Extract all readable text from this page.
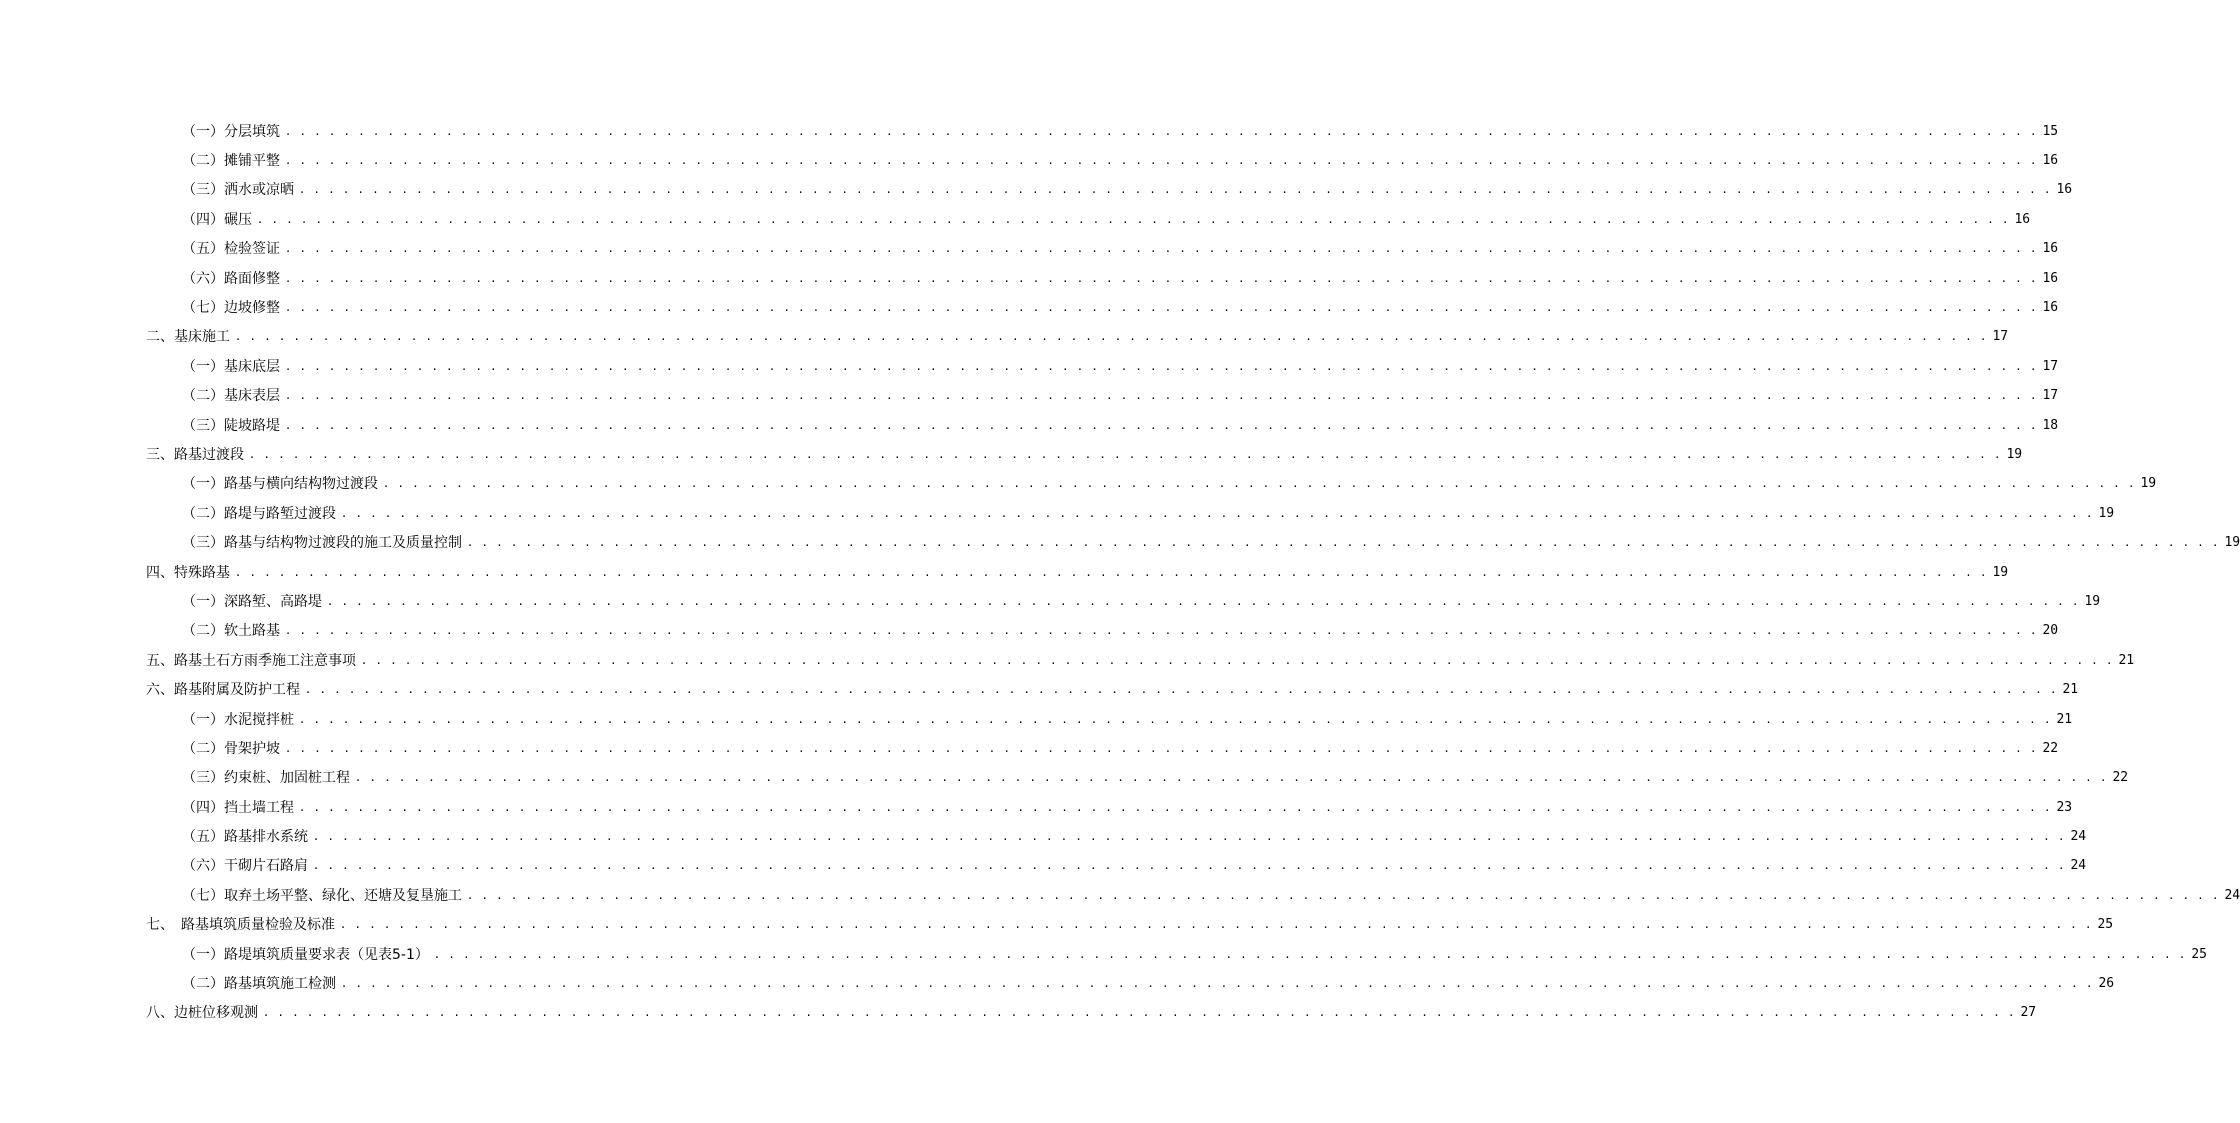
（一）分层填筑 . . . . . . . . . . . . . . . . . . . . . . . . . . . . . . . . . . . . . . . . . . . . . . . . . . . . . . . . . . . . . . . . . . . . . . . . . . . . . . . . . . . . . . . . . . . . . . . . . . . . . . . . . . . . . . . . . . . . . . . . 15
（二）摊铺平整 . . . . . . . . . . . . . . . . . . . . . . . . . . . . . . . . . . . . . . . . . . . . . . . . . . . . . . . . . . . . . . . . . . . . . . . . . . . . . . . . . . . . . . . . . . . . . . . . . . . . . . . . . . . . . . . . . . . . . . . . 16
（三）洒水或凉晒 . . . . . . . . . . . . . . . . . . . . . . . . . . . . . . . . . . . . . . . . . . . . . . . . . . . . . . . . . . . . . . . . . . . . . . . . . . . . . . . . . . . . . . . . . . . . . . . . . . . . . . . . . . . . . . . . . . . . . . . . 16
（四）碾压 . . . . . . . . . . . . . . . . . . . . . . . . . . . . . . . . . . . . . . . . . . . . . . . . . . . . . . . . . . . . . . . . . . . . . . . . . . . . . . . . . . . . . . . . . . . . . . . . . . . . . . . . . . . . . . . . . . . . . . . . 16
（五）检验签证 . . . . . . . . . . . . . . . . . . . . . . . . . . . . . . . . . . . . . . . . . . . . . . . . . . . . . . . . . . . . . . . . . . . . . . . . . . . . . . . . . . . . . . . . . . . . . . . . . . . . . . . . . . . . . . . . . . . . . . . . 16
（六）路面修整 . . . . . . . . . . . . . . . . . . . . . . . . . . . . . . . . . . . . . . . . . . . . . . . . . . . . . . . . . . . . . . . . . . . . . . . . . . . . . . . . . . . . . . . . . . . . . . . . . . . . . . . . . . . . . . . . . . . . . . . . 16
（七）边坡修整 . . . . . . . . . . . . . . . . . . . . . . . . . . . . . . . . . . . . . . . . . . . . . . . . . . . . . . . . . . . . . . . . . . . . . . . . . . . . . . . . . . . . . . . . . . . . . . . . . . . . . . . . . . . . . . . . . . . . . . . . 16
二、基床施工 . . . . . . . . . . . . . . . . . . . . . . . . . . . . . . . . . . . . . . . . . . . . . . . . . . . . . . . . . . . . . . . . . . . . . . . . . . . . . . . . . . . . . . . . . . . . . . . . . . . . . . . . . . . . . . . . . . . . . . . . 17
（一）基床底层 . . . . . . . . . . . . . . . . . . . . . . . . . . . . . . . . . . . . . . . . . . . . . . . . . . . . . . . . . . . . . . . . . . . . . . . . . . . . . . . . . . . . . . . . . . . . . . . . . . . . . . . . . . . . . . . . . . . . . . . . 17
（二）基床表层 . . . . . . . . . . . . . . . . . . . . . . . . . . . . . . . . . . . . . . . . . . . . . . . . . . . . . . . . . . . . . . . . . . . . . . . . . . . . . . . . . . . . . . . . . . . . . . . . . . . . . . . . . . . . . . . . . . . . . . . . 17
（三）陡坡路堤 . . . . . . . . . . . . . . . . . . . . . . . . . . . . . . . . . . . . . . . . . . . . . . . . . . . . . . . . . . . . . . . . . . . . . . . . . . . . . . . . . . . . . . . . . . . . . . . . . . . . . . . . . . . . . . . . . . . . . . . . 18
三、路基过渡段 . . . . . . . . . . . . . . . . . . . . . . . . . . . . . . . . . . . . . . . . . . . . . . . . . . . . . . . . . . . . . . . . . . . . . . . . . . . . . . . . . . . . . . . . . . . . . . . . . . . . . . . . . . . . . . . . . . . . . . . . 19
（一）路基与横向结构物过渡段 . . . . . . . . . . . . . . . . . . . . . . . . . . . . . . . . . . . . . . . . . . . . . . . . . . . . . . . . . . . . . . . . . . . . . . . . . . . . . . . . . . . . . . . . . . . . . . . . . . . . . . . . . . . . . . . . . . . . . . . . 19
（二）路堤与路堑过渡段 . . . . . . . . . . . . . . . . . . . . . . . . . . . . . . . . . . . . . . . . . . . . . . . . . . . . . . . . . . . . . . . . . . . . . . . . . . . . . . . . . . . . . . . . . . . . . . . . . . . . . . . . . . . . . . . . . . . . . . . . 19
（三）路基与结构物过渡段的施工及质量控制 . . . . . . . . . . . . . . . . . . . . . . . . . . . . . . . . . . . . . . . . . . . . . . . . . . . . . . . . . . . . . . . . . . . . . . . . . . . . . . . . . . . . . . . . . . . . . . . . . . . . . . . . . . . . . . . . . . . . . . . . 19
四、特殊路基 . . . . . . . . . . . . . . . . . . . . . . . . . . . . . . . . . . . . . . . . . . . . . . . . . . . . . . . . . . . . . . . . . . . . . . . . . . . . . . . . . . . . . . . . . . . . . . . . . . . . . . . . . . . . . . . . . . . . . . . . 19
（一）深路堑、高路堤 . . . . . . . . . . . . . . . . . . . . . . . . . . . . . . . . . . . . . . . . . . . . . . . . . . . . . . . . . . . . . . . . . . . . . . . . . . . . . . . . . . . . . . . . . . . . . . . . . . . . . . . . . . . . . . . . . . . . . . . . 19
（二）软土路基 . . . . . . . . . . . . . . . . . . . . . . . . . . . . . . . . . . . . . . . . . . . . . . . . . . . . . . . . . . . . . . . . . . . . . . . . . . . . . . . . . . . . . . . . . . . . . . . . . . . . . . . . . . . . . . . . . . . . . . . . 20
五、路基土石方雨季施工注意事项 . . . . . . . . . . . . . . . . . . . . . . . . . . . . . . . . . . . . . . . . . . . . . . . . . . . . . . . . . . . . . . . . . . . . . . . . . . . . . . . . . . . . . . . . . . . . . . . . . . . . . . . . . . . . . . . . . . . . . . . . 21
六、路基附属及防护工程 . . . . . . . . . . . . . . . . . . . . . . . . . . . . . . . . . . . . . . . . . . . . . . . . . . . . . . . . . . . . . . . . . . . . . . . . . . . . . . . . . . . . . . . . . . . . . . . . . . . . . . . . . . . . . . . . . . . . . . . . 21
（一）水泥搅拌桩 . . . . . . . . . . . . . . . . . . . . . . . . . . . . . . . . . . . . . . . . . . . . . . . . . . . . . . . . . . . . . . . . . . . . . . . . . . . . . . . . . . . . . . . . . . . . . . . . . . . . . . . . . . . . . . . . . . . . . . . . 21
（二）骨架护坡 . . . . . . . . . . . . . . . . . . . . . . . . . . . . . . . . . . . . . . . . . . . . . . . . . . . . . . . . . . . . . . . . . . . . . . . . . . . . . . . . . . . . . . . . . . . . . . . . . . . . . . . . . . . . . . . . . . . . . . . . 22
（三）约束桩、加固桩工程 . . . . . . . . . . . . . . . . . . . . . . . . . . . . . . . . . . . . . . . . . . . . . . . . . . . . . . . . . . . . . . . . . . . . . . . . . . . . . . . . . . . . . . . . . . . . . . . . . . . . . . . . . . . . . . . . . . . . . . . . 22
（四）挡土墙工程 . . . . . . . . . . . . . . . . . . . . . . . . . . . . . . . . . . . . . . . . . . . . . . . . . . . . . . . . . . . . . . . . . . . . . . . . . . . . . . . . . . . . . . . . . . . . . . . . . . . . . . . . . . . . . . . . . . . . . . . . 23
（五）路基排水系统 . . . . . . . . . . . . . . . . . . . . . . . . . . . . . . . . . . . . . . . . . . . . . . . . . . . . . . . . . . . . . . . . . . . . . . . . . . . . . . . . . . . . . . . . . . . . . . . . . . . . . . . . . . . . . . . . . . . . . . . . 24
（六）干砌片石路肩 . . . . . . . . . . . . . . . . . . . . . . . . . . . . . . . . . . . . . . . . . . . . . . . . . . . . . . . . . . . . . . . . . . . . . . . . . . . . . . . . . . . . . . . . . . . . . . . . . . . . . . . . . . . . . . . . . . . . . . . . 24
（七）取弃土场平整、绿化、还塘及复垦施工 . . . . . . . . . . . . . . . . . . . . . . . . . . . . . . . . . . . . . . . . . . . . . . . . . . . . . . . . . . . . . . . . . . . . . . . . . . . . . . . . . . . . . . . . . . . . . . . . . . . . . . . . . . . . . . . . . . . . . . . . 24
七、　路基填筑质量检验及标准 . . . . . . . . . . . . . . . . . . . . . . . . . . . . . . . . . . . . . . . . . . . . . . . . . . . . . . . . . . . . . . . . . . . . . . . . . . . . . . . . . . . . . . . . . . . . . . . . . . . . . . . . . . . . . . . . . . . . . . . . 25
（一）路堤填筑质量要求表（见表5-1） . . . . . . . . . . . . . . . . . . . . . . . . . . . . . . . . . . . . . . . . . . . . . . . . . . . . . . . . . . . . . . . . . . . . . . . . . . . . . . . . . . . . . . . . . . . . . . . . . . . . . . . . . . . . . . . . . . . . . . . . 25
（二）路基填筑施工检测 . . . . . . . . . . . . . . . . . . . . . . . . . . . . . . . . . . . . . . . . . . . . . . . . . . . . . . . . . . . . . . . . . . . . . . . . . . . . . . . . . . . . . . . . . . . . . . . . . . . . . . . . . . . . . . . . . . . . . . . . 26
八、边桩位移观测 . . . . . . . . . . . . . . . . . . . . . . . . . . . . . . . . . . . . . . . . . . . . . . . . . . . . . . . . . . . . . . . . . . . . . . . . . . . . . . . . . . . . . . . . . . . . . . . . . . . . . . . . . . . . . . . . . . . . . . . . 27
